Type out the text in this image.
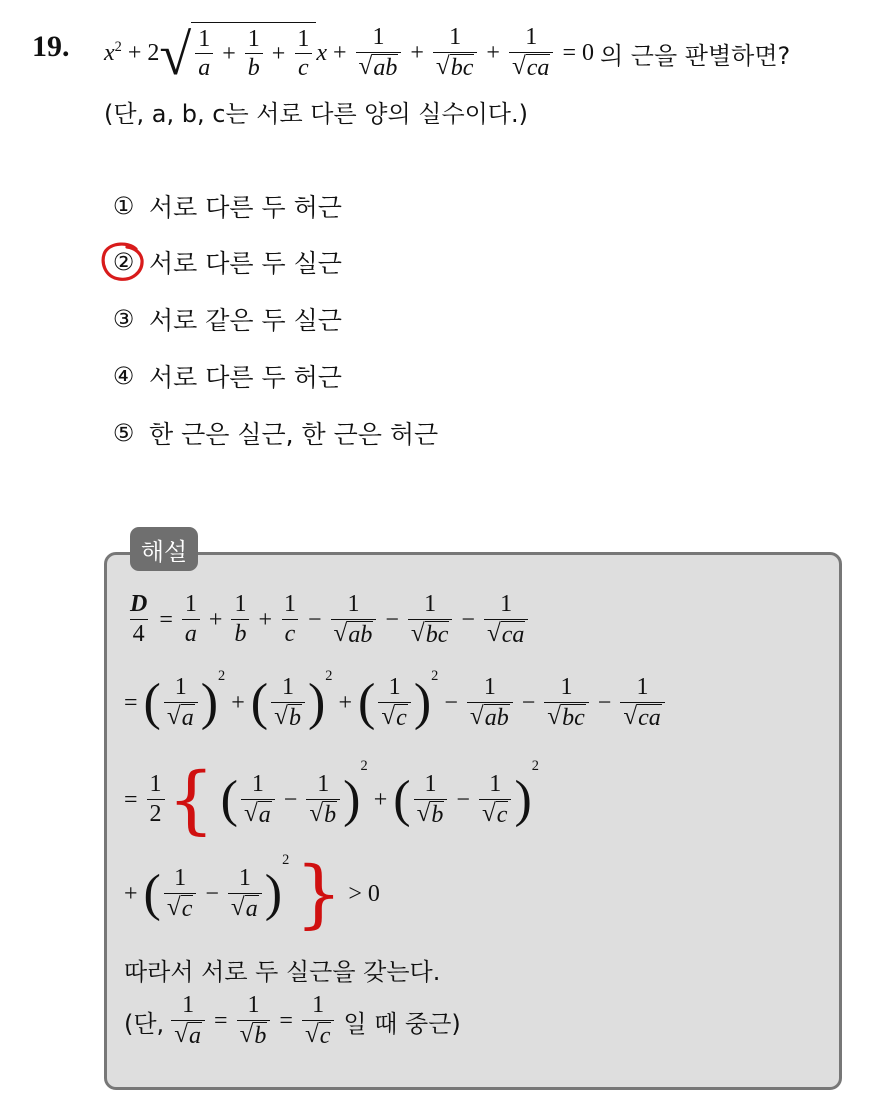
19. $x^2 + 2$ √ $\frac{1}{a} + \frac{1}{b} + \frac{1}{c}$ $x + \frac{1}{√ ab} + \frac{1}{√ bc} + \frac{1}{√ ca} = 0$ 의 근을 판별하면?
(단, a, b, c는 서로 다른 양의 실수이다.)
① 서로 다른 두 허근
② 서로 다른 두 실근
③ 서로 같은 두 실근
④ 서로 다른 두 허근
⑤ 한 근은 실근, 한 근은 허근
해설
$\frac{D}{4} = \frac{1}{a} + \frac{1}{b} + \frac{1}{c} - \frac{1}{√ ab} - \frac{1}{√ bc} - \frac{1}{√ ca}$
= ( $\frac{1}{√ a}$ ) 2
+ ( $\frac{1}{√ b}$ ) 2
+ ( $\frac{1}{√ c}$ ) 2
− $\frac{1}{√ ab} - \frac{1}{√ bc} - \frac{1}{√ ca}$
= $\frac{1}{2}$ { ( $\frac{1}{√ a} - \frac{1}{√ b}$ )
2
+ ( $\frac{1}{√ b} - \frac{1}{√ c}$ )
2
+ ( $\frac{1}{√ c} - \frac{1}{√ a}$ )
2 } > 0
따라서 서로 두 실근을 갖는다.
(단, $\frac{1}{√ a} = \frac{1}{√ b} = \frac{1}{√ c}$ 일 때 중근)
